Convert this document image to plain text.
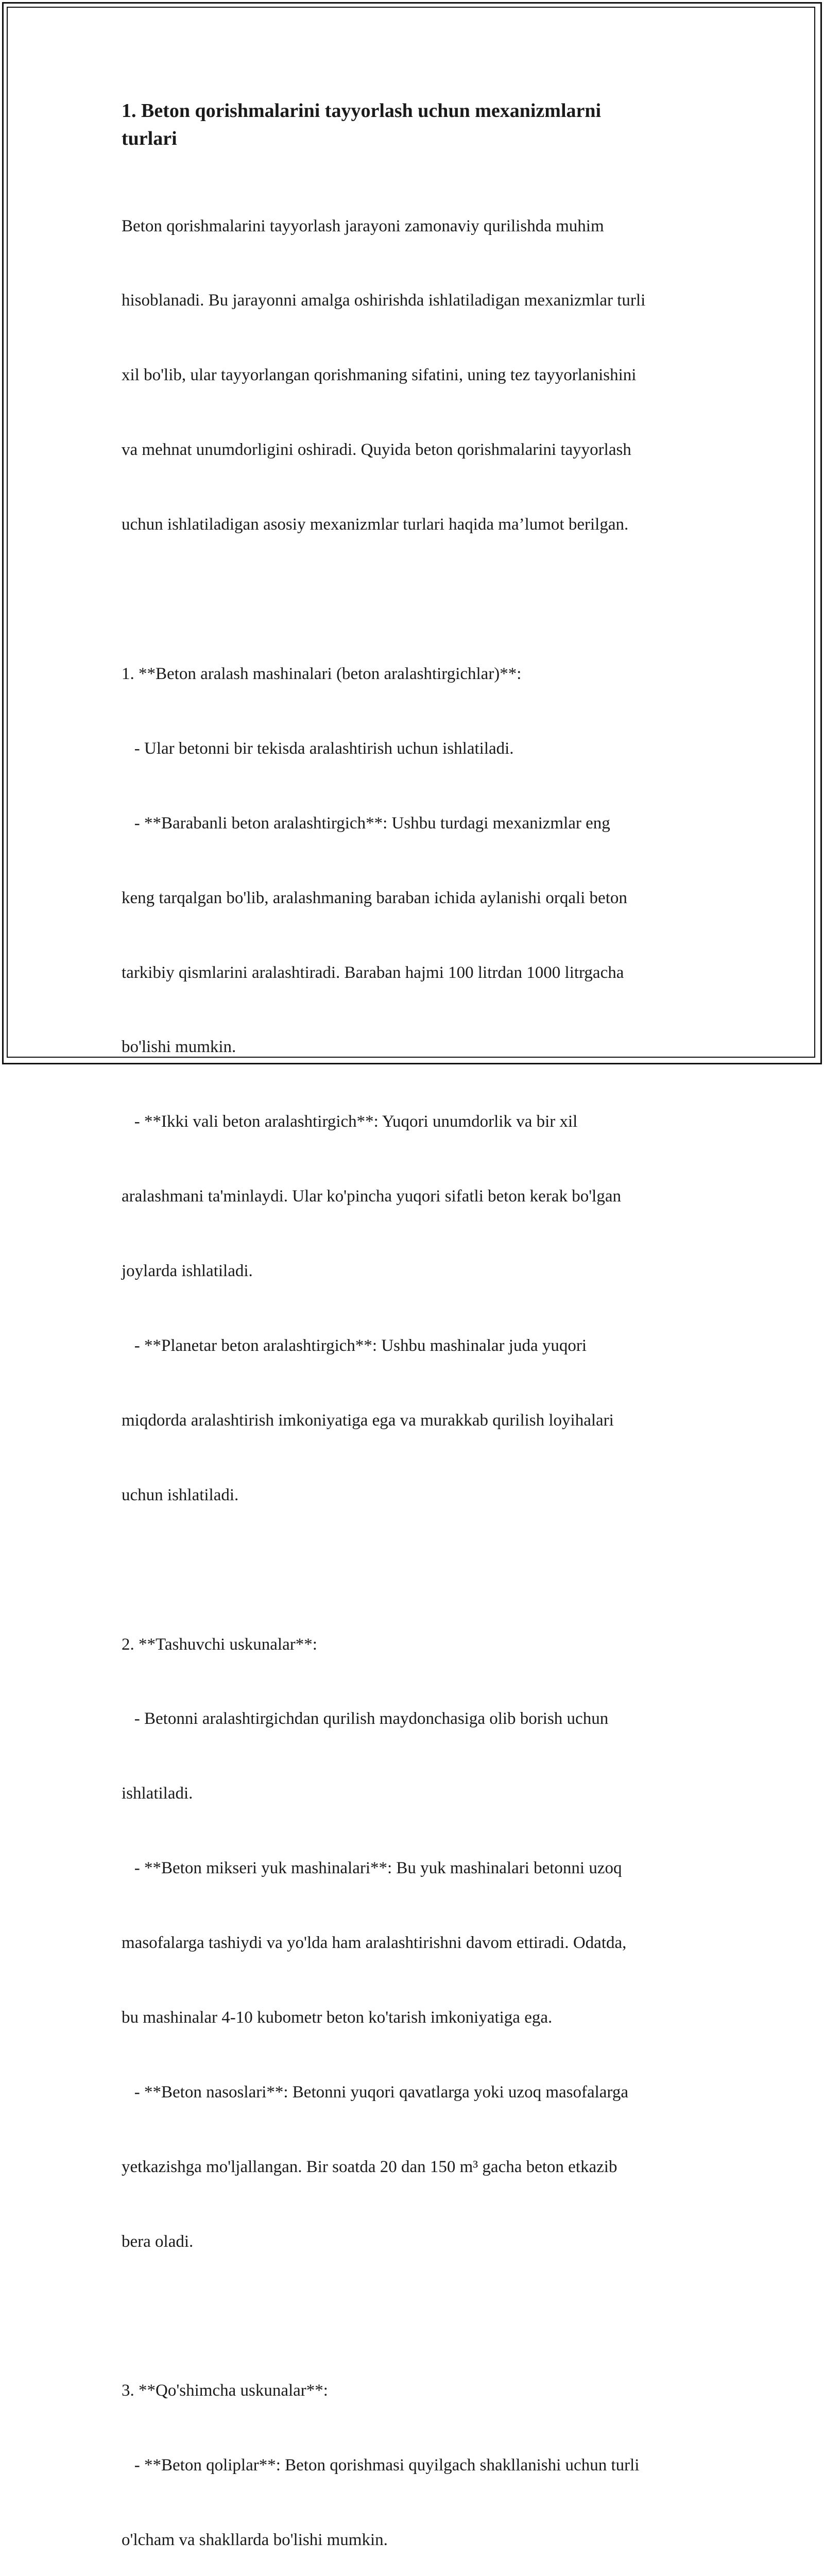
1. Beton qorishmalarini tayyorlash uchun mexanizmlarni
turlari

Beton qorishmalarini tayyorlash jarayoni zamonaviy qurilishda muhim

hisoblanadi. Bu jarayonni amalga oshirishda ishlatiladigan mexanizmlar turli

xil bo'lib, ular tayyorlangan qorishmaning sifatini, uning tez tayyorlanishini

va mehnat unumdorligini oshiradi. Quyida beton qorishmalarini tayyorlash

uchun ishlatiladigan asosiy mexanizmlar turlari haqida ma’lumot berilgan.

1. **Beton aralash mashinalari (beton aralashtirgichlar)**:

- Ular betonni bir tekisda aralashtirish uchun ishlatiladi.

- **Barabanli beton aralashtirgich**: Ushbu turdagi mexanizmlar eng

keng tarqalgan bo'lib, aralashmaning baraban ichida aylanishi orqali beton

tarkibiy qismlarini aralashtiradi. Baraban hajmi 100 litrdan 1000 litrgacha

bo'lishi mumkin.

- **Ikki vali beton aralashtirgich**: Yuqori unumdorlik va bir xil

aralashmani ta'minlaydi. Ular ko'pincha yuqori sifatli beton kerak bo'lgan

joylarda ishlatiladi.

- **Planetar beton aralashtirgich**: Ushbu mashinalar juda yuqori

miqdorda aralashtirish imkoniyatiga ega va murakkab qurilish loyihalari

uchun ishlatiladi.

2. **Tashuvchi uskunalar**:

- Betonni aralashtirgichdan qurilish maydonchasiga olib borish uchun

ishlatiladi.

- **Beton mikseri yuk mashinalari**: Bu yuk mashinalari betonni uzoq

masofalarga tashiydi va yo'lda ham aralashtirishni davom ettiradi. Odatda,

bu mashinalar 4-10 kubometr beton ko'tarish imkoniyatiga ega.

- **Beton nasoslari**: Betonni yuqori qavatlarga yoki uzoq masofalarga

yetkazishga mo'ljallangan. Bir soatda 20 dan 150 m³ gacha beton etkazib

bera oladi.

3. **Qo'shimcha uskunalar**:

- **Beton qoliplar**: Beton qorishmasi quyilgach shakllanishi uchun turli

o'lcham va shakllarda bo'lishi mumkin.
